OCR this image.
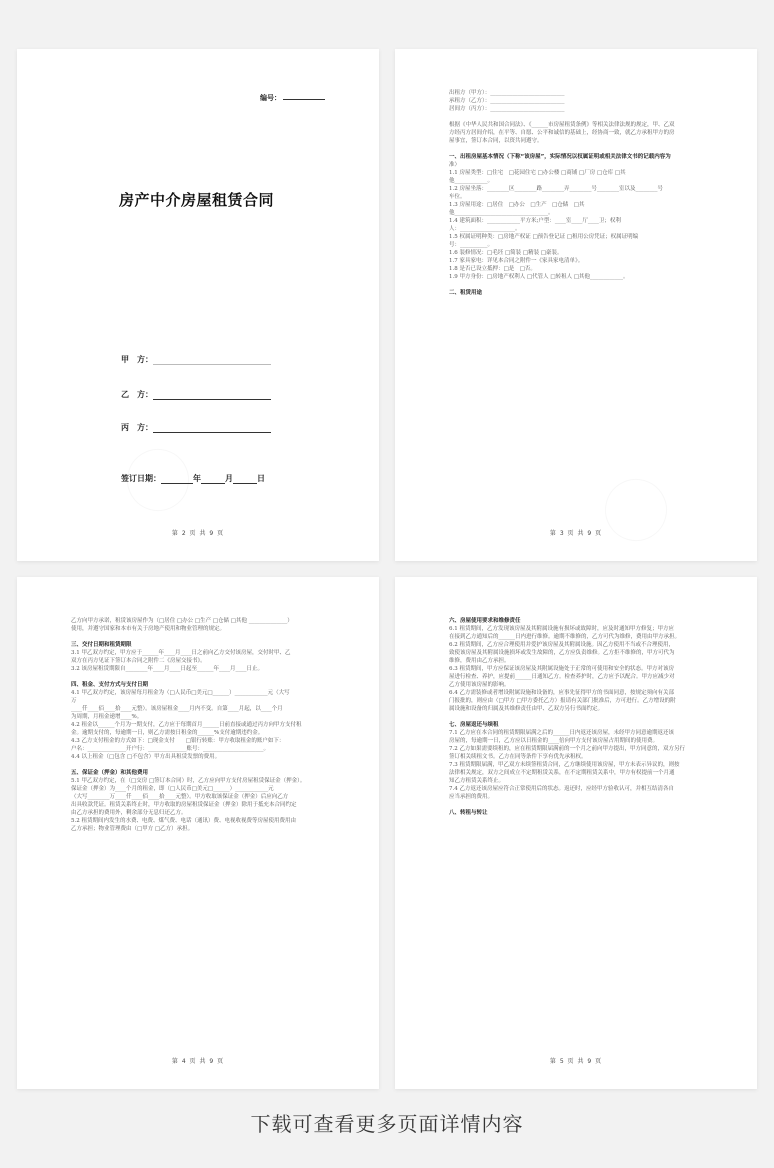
编号：
房产中介房屋租赁合同
甲　方：
乙　方：
丙　方：
签订日期：	年	月	日
第 2 页 共 9 页
出租方（甲方）：___________________________
承租方（乙方）：___________________________
居间方（丙方）：___________________________
根据《中华人民共和国合同法》、《______市房屋租赁条例》等相关法律法规的规定，甲、乙双
方经丙方居间介绍，在平等、自愿、公平和诚信的基础上，经协商一致，就乙方承租甲方的房
屋事宜，签订本合同，以资共同遵守。
一、出租房屋基本情况（下称“该房屋”，实际情况以权属证明或相关法律文书的记载内容为
准）
1.1 房屋类型：□住宅　□花园住宅 □办公楼 □商铺 □厂房 □仓库 □其
他____________。
1.2 房屋坐落：________区________路________弄________号________室以及________号
车位。
1.3 房屋用途：□居住　□办公　□生产　□仓储　□其
他__________________________________。
1.4 建筑面积：____________平方米;户型：____室____厅____卫；权利
人：____________________。
1.5 权属证明种类：□房地产权证 □预告登记证 □租用公房凭证；权属证明编
号：__________。
1.6 装修情况：□毛坯 □简装 □精装 □豪装。
1.7 家具家电：详见本合同之附件一《家具家电清单》。
1.8 是否已设立抵押：□是　□否。
1.9 甲方身份：□房地产权利人 □代管人 □转租人 □其他____________。
二、租赁用途
第 3 页 共 9 页
乙方向甲方承诺，租赁该房屋作为（□居住 □办公 □生产 □仓储 □其他 ______________）
使用，并遵守国家和本市有关于房地产使用和物业管理的规定。
三、交付日期和租赁期限
3.1 甲乙双方约定，甲方应于______年____月____日之前向乙方交付该房屋，交付时甲、乙
双方在丙方见证下签订本合同之附件二《房屋交接书》。
3.2 该房屋租赁期限自________年____月____日起至______年____月____日止。
四、租金、支付方式与支付日期
4.1 甲乙双方约定，该房屋每月租金为（□人民币□美元□______）____________元（大写
万
____仟____佰____拾____元整）。该房屋租金____月内不变。自第____月起，以____个月
为周期，月租金递增____%。
4.2 租金以______个月为一期支付，乙方应于每期首月______日前直接或通过丙方向甲方支付租
金。逾期支付的，每逾期一日，则乙方需按日租金的______%支付逾期违约金。
4.3 乙方支付租金的方式如下：□现金支付　　□银行转账：甲方收取租金的账户如下：
户名：______________开户行：______________账号：______________________。
4.4 以上租金（□包含 □不包含）甲方出具租赁发票的费用。
五、保证金（押金）和其他费用
5.1 甲乙双方约定，在（□交房 □签订本合同）时，乙方应向甲方支付房屋租赁保证金（押金）。
保证金（押金）为____个月的租金，即（□人民币□美元□______）____________元
（大写________万____仟____佰____拾____元整）。甲方收取该保证金（押金）后应向乙方
出具收款凭证。租赁关系终止时，甲方收取的房屋租赁保证金（押金）除用于抵充本合同约定
由乙方承担的费用外，剩余部分无息归还乙方。
5.2 租赁期间内发生的水费、电费、煤气费、电话（通讯）费、电视收视费等房屋使用费用由
乙方承担；物业管理费由（□甲方 □乙方）承担。
第 4 页 共 9 页
六、房屋使用要求和维修责任
6.1 租赁期间，乙方发现该房屋及其附属设施有损坏或故障时，应及时通知甲方修复；甲方应
在接到乙方通知后的______日内进行维修。逾期不维修的，乙方可代为维修，费用由甲方承担。
6.2 租赁期间，乙方应合理使用并爱护该房屋及其附属设施。因乙方使用不当或不合理使用，
致使该房屋及其附属设施损坏或发生故障的，乙方应负责维修。乙方拒不维修的，甲方可代为
维修，费用由乙方承担。
6.3 租赁期间，甲方应保证该房屋及其附属设施处于正常的可使用和安全的状态。甲方对该房
屋进行检查、养护，应提前______日通知乙方。检查养护时，乙方应予以配合。甲方应减少对
乙方使用该房屋的影响。
6.4 乙方需装修或者增设附属设施和设备的，应事先征得甲方的书面同意，按规定须向有关部
门报批的，则应由（□甲方 □甲方委托乙方）报请有关部门批准后，方可进行。乙方增设的附
属设施和设备的归属及其维修责任由甲、乙双方另行书面约定。
七、房屋返还与续租
7.1 乙方应在本合同的租赁期限届满之后的______日内返还该房屋，未经甲方同意逾期返还该
房屋的，每逾期一日，乙方应以日租金的____倍向甲方支付该房屋占用期间的使用费。
7.2 乙方如果需要续租的，应在租赁期限届满前的一个月之前向甲方提出，甲方同意的，双方另行
签订相关续租文书。乙方在同等条件下享有优先承租权。
7.3 租赁期限届满，甲乙双方未续签租赁合同，乙方继续使用该房屋，甲方未表示异议的，则按
法律相关规定，双方之间成立不定期租赁关系，在不定期租赁关系中，甲方有权提前一个月通
知乙方租赁关系终止。
7.4 乙方返还该房屋应符合正常使用后的状态。返还时，应经甲方验收认可，并相互结清各自
应当承担的费用。
八、转租与转让
第 5 页 共 9 页
下载可查看更多页面详情内容
